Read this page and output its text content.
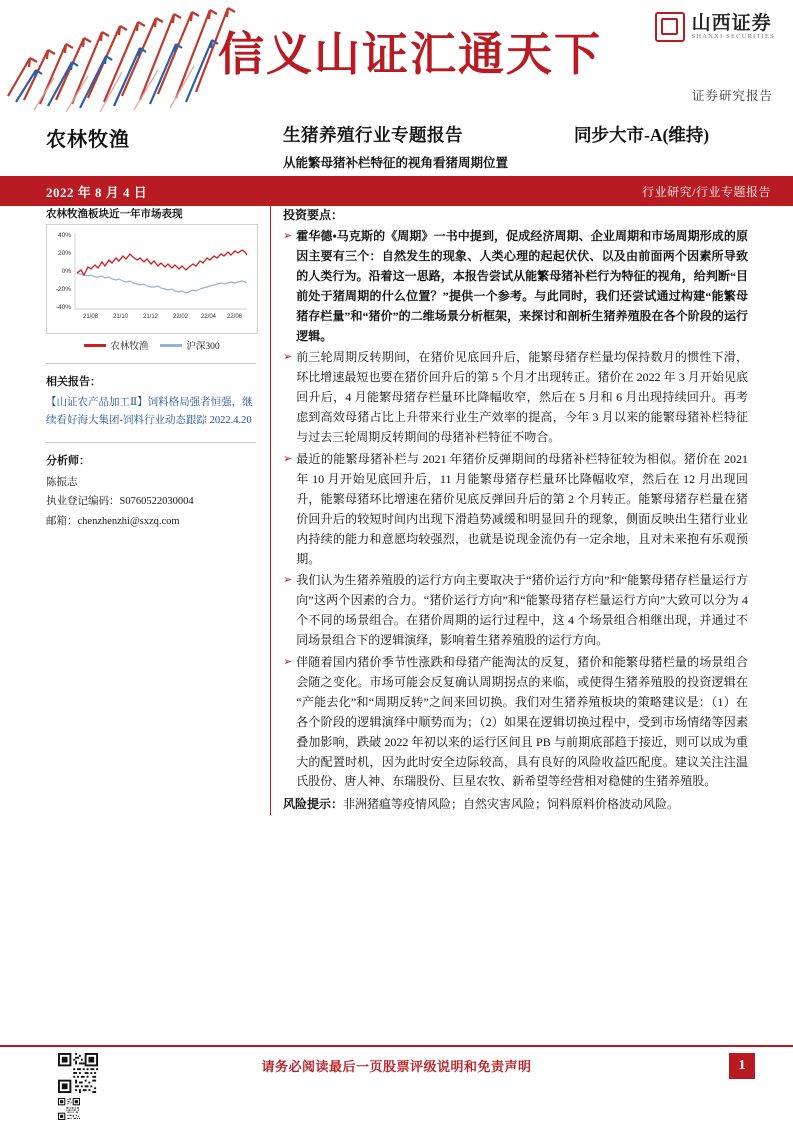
信义山证汇通天下
山西证券
SHANXI SECURITIES
证券研究报告
农林牧渔	生猪养殖行业专题报告	同步大市-A(维持)
从能繁母猪补栏特征的视角看猪周期位置
2022 年 8 月 4 日	行业研究/行业专题报告
农林牧渔板块近一年市场表现
40%
20%
0%
-20%
-40%
21/08 21/10 21/12 22/02 22/04 22/06
农林牧渔	沪深300
相关报告：
【山证农产品加工Ⅱ】饲料格局强者恒强，继续看好海大集团-饲料行业动态跟踪 2022.4.20
分析师：
陈振志
执业登记编码：S0760522030004
邮箱：chenzhenzhi@sxzq.com
投资要点：
➢ 霍华德•马克斯的《周期》一书中提到，促成经济周期、企业周期和市场周期形成的原因主要有三个：自然发生的现象、人类心理的起起伏伏、以及由前面两个因素所导致的人类行为。沿着这一思路，本报告尝试从能繁母猪补栏行为特征的视角，给判断“目前处于猪周期的什么位置？”提供一个参考。与此同时，我们还尝试通过构建“能繁母猪存栏量”和“猪价”的二维场景分析框架，来探讨和剖析生猪养殖股在各个阶段的运行逻辑。
➢ 前三轮周期反转期间，在猪价见底回升后，能繁母猪存栏量均保持数月的惯性下滑，环比增速最短也要在猪价回升后的第 5 个月才出现转正。猪价在 2022 年 3 月开始见底回升后，4 月能繁母猪存栏量环比降幅收窄，然后在 5 月和 6 月出现持续回升。再考虑到高效母猪占比上升带来行业生产效率的提高，今年 3 月以来的能繁母猪补栏特征与过去三轮周期反转期间的母猪补栏特征不吻合。
➢ 最近的能繁母猪补栏与 2021 年猪价反弹期间的母猪补栏特征较为相似。猪价在 2021 年 10 月开始见底回升后，11 月能繁母猪存栏量环比降幅收窄，然后在 12 月出现回升，能繁母猪环比增速在猪价见底反弹回升后的第 2 个月转正。能繁母猪存栏量在猪价回升后的较短时间内出现下滑趋势减缓和明显回升的现象，侧面反映出生猪行业业内持续的能力和意愿均较强烈，也就是说现金流仍有一定余地，且对未来抱有乐观预期。
➢ 我们认为生猪养殖股的运行方向主要取决于“猪价运行方向”和“能繁母猪存栏量运行方向”这两个因素的合力。“猪价运行方向”和“能繁母猪存栏量运行方向”大致可以分为 4 个不同的场景组合。在猪价周期的运行过程中，这 4 个场景组合相继出现，并通过不同场景组合下的逻辑演绎，影响着生猪养殖股的运行方向。
➢ 伴随着国内猪价季节性涨跌和母猪产能淘汰的反复，猪价和能繁母猪栏量的场景组合会随之变化。市场可能会反复确认周期拐点的来临，或使得生猪养殖股的投资逻辑在“产能去化”和“周期反转”之间来回切换。我们对生猪养殖板块的策略建议是：（1）在各个阶段的逻辑演绎中顺势而为；（2）如果在逻辑切换过程中，受到市场情绪等因素叠加影响，跌破 2022 年初以来的运行区间且 PB 与前期底部趋于接近，则可以成为重大的配置时机，因为此时安全边际较高，具有良好的风险收益匹配度。建议关注注温氏股份、唐人神、东瑞股份、巨星农牧、新希望等经营相对稳健的生猪养殖股。
风险提示：非洲猪瘟等疫情风险；自然灾害风险；饲料原料价格波动风险。
请务必阅读最后一页股票评级说明和免责声明	1
